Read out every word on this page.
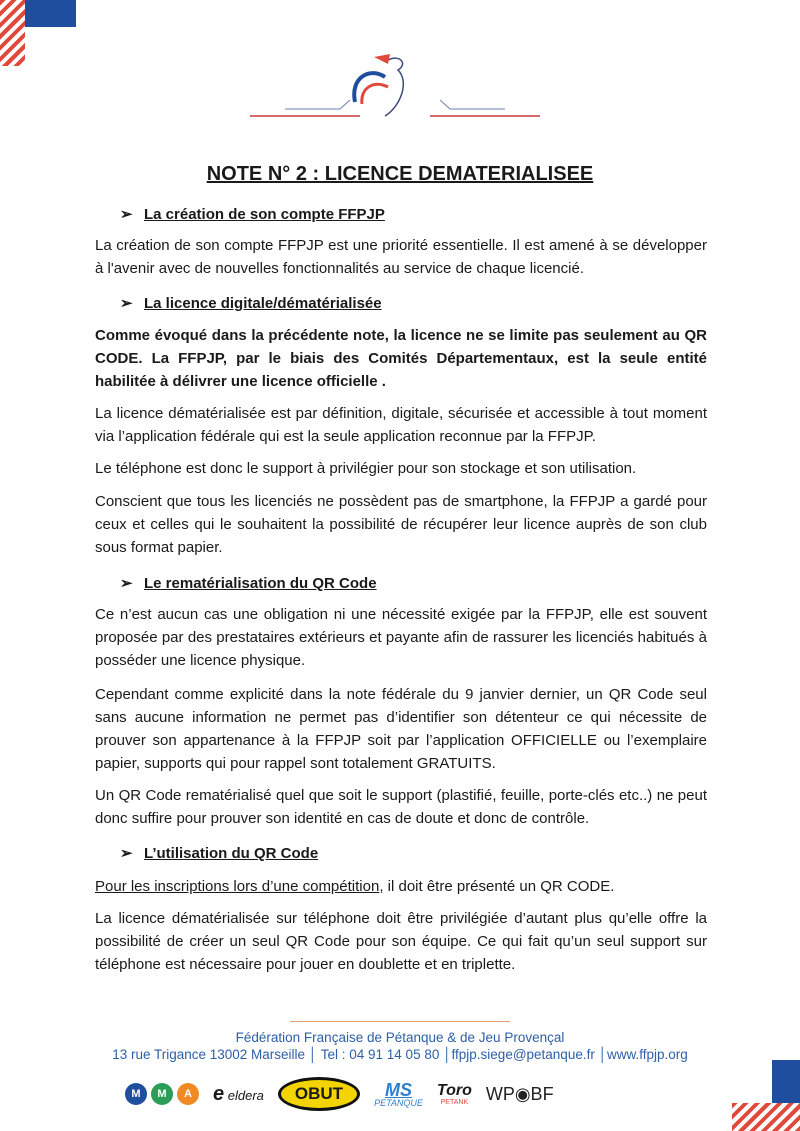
NOTE N° 2 : LICENCE DEMATERIALISEE
➢ La création de son compte FFPJP
La création de son compte FFPJP est une priorité essentielle. Il est amené à se développer à l'avenir avec de nouvelles fonctionnalités au service de chaque licencié.
➢ La licence digitale/dématérialisée
Comme évoqué dans la précédente note, la licence ne se limite pas seulement au QR CODE. La FFPJP, par le biais des Comités Départementaux, est la seule entité habilitée à délivrer une licence officielle .
La licence dématérialisée est par définition, digitale, sécurisée et accessible à tout moment via l’application fédérale qui est la seule application reconnue par la FFPJP.
Le téléphone est donc le support à privilégier pour son stockage et son utilisation.
Conscient que tous les licenciés ne possèdent pas de smartphone, la FFPJP a gardé pour ceux et celles qui le souhaitent la possibilité de récupérer leur licence auprès de son club sous format papier.
➢ Le rematérialisation du QR Code
Ce n’est aucun cas une obligation ni une nécessité exigée par la FFPJP, elle est souvent proposée par des prestataires extérieurs et payante afin de rassurer les licenciés habitués à posséder une licence physique.
Cependant comme explicité dans la note fédérale du 9 janvier dernier, un QR Code seul sans aucune information ne permet pas d’identifier son détenteur ce qui nécessite de prouver son appartenance à la FFPJP soit par l’application OFFICIELLE ou l’exemplaire papier, supports qui pour rappel sont totalement GRATUITS.
Un QR Code rematérialisé quel que soit le support (plastifié, feuille, porte-clés etc..) ne peut donc suffire pour prouver son identité en cas de doute et donc de contrôle.
➢ L’utilisation du QR Code
Pour les inscriptions lors d’une compétition, il doit être présenté un QR CODE.
La licence dématérialisée sur téléphone doit être privilégiée d’autant plus qu’elle offre la possibilité de créer un seul QR Code pour son équipe. Ce qui fait qu’un seul support sur téléphone est nécessaire pour jouer en doublette et en triplette.
Fédération Française de Pétanque & de Jeu Provençal
13 rue Trigance 13002 Marseille │ Tel : 04 91 14 05 80 │ffpjp.siege@petanque.fr │www.ffpjp.org
M	M	A	e eldera	OBUT	MS
PETANQUE
Toro
PETANK WP◉BF
